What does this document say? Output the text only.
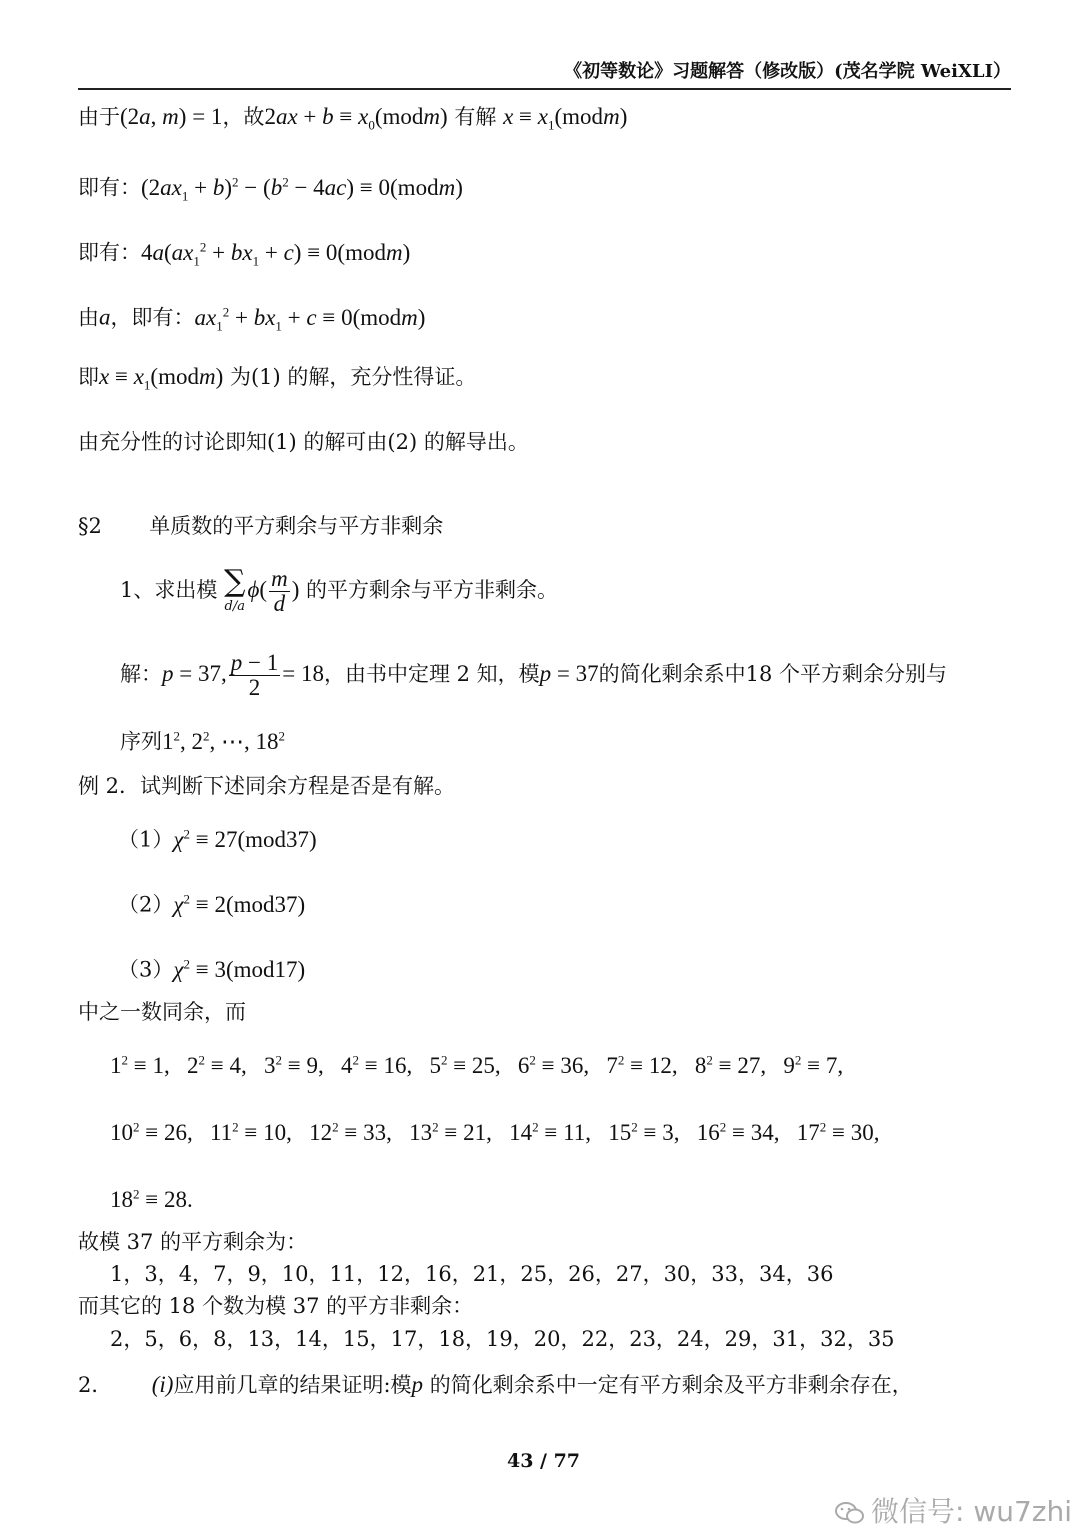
《初等数论》习题解答（修改版）(茂名学院 WeiXLI）
由于(2a, m) = 1，故$2ax + b \equiv x_0(modm)$ 有解 $x \equiv x_1(modm)$
即有：$(2ax_1 + b)^2 - (b^2 - 4ac)$ ≡ 0(modm)
即有：$4a(ax_1^2 + bx_1 + c)$ ≡ 0(modm)
由a，即有：$ax_1^2 + bx_1 + c$ ≡ 0(modm)
即$x \equiv x_1(modm)$ 为(1) 的解，充分性得证。
由充分性的讨论即知(1) 的解可由(2) 的解导出。
§2 单质数的平方剩余与平方非剩余
1、求出模 ∑
d/a
$\phi( \frac{m}{d}$ ) 的平方剩余与平方非剩余。
解：p = 37, $\frac{p - 1}{2} = 18$，由书中定理 2 知，模p = 37的简化剩余系中18 个平方剩余分别与
序列$1^2$, $2^2$, ⋯, $18^2$
例 2．试判断下述同余方程是否是有解。
$(1)\chi^2 \equiv 27(mod37)$
$(2)\chi^2 \equiv 2(mod37)$
$(3)\chi^2 \equiv 3(mod17)$
中之一数同余，而
$1^2 \equiv 1$, $2^2 \equiv 4$, $3^2 \equiv 9$, $4^2 \equiv 16$, $5^2 \equiv 25$, $6^2 \equiv 36$, $7^2 \equiv 12$, $8^2 \equiv 27$, $9^2 \equiv 7$,
$10^2 \equiv 26$, $11^2 \equiv 10$, $12^2 \equiv 33$, $13^2 \equiv 21$, $14^2 \equiv 11$, $15^2 \equiv 3$, $16^2 \equiv 34$, $17^2 \equiv 30$,
$18^2 \equiv 28$.
故模 37 的平方剩余为：
1，3，4，7，9，10，11，12，16，21，25，26，27，30，33，34，36
而其它的 18 个数为模 37 的平方非剩余：
2，5，6，8，13，14，15，17，18，19，20，22，23，24，29，31，32，35
2． (i)应用前几章的结果证明:模p 的简化剩余系中一定有平方剩余及平方非剩余存在，
43 / 77
微信号: wu7zhi
